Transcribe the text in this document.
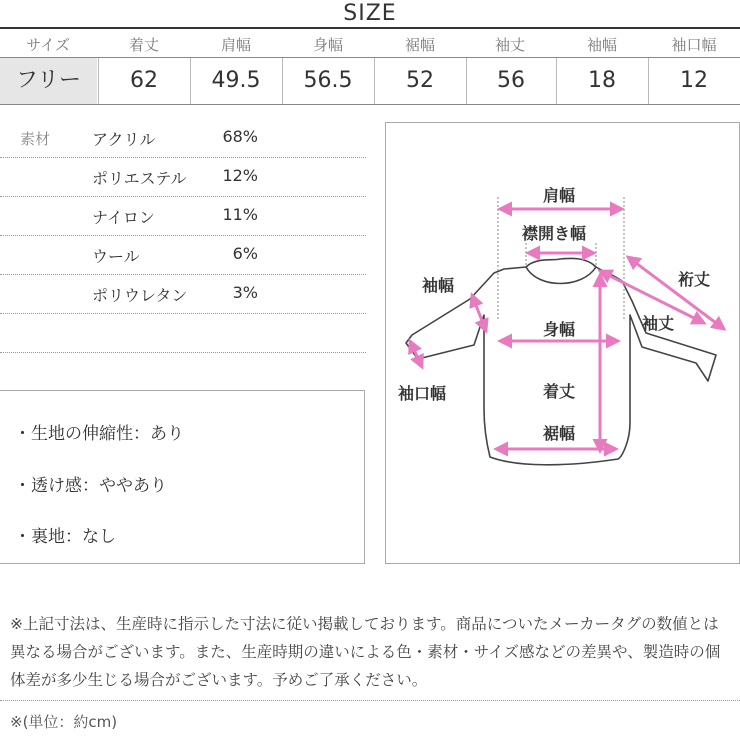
SIZE
サイズ	着丈	肩幅	身幅	裾幅	袖丈	袖幅	袖口幅
フリー	62	49.5	56.5	52	56	18	12
素材	アクリル	68%
ポリエステル	12%
ナイロン	11%
ウール	6%
ポリウレタン	3%
・生地の伸縮性：あり
・透け感：ややあり
・裏地：なし
肩幅
襟開き幅
袖幅	裄丈
袖丈
身幅
袖口幅	着丈
裾幅
※上記寸法は、生産時に指示した寸法に従い掲載しております。商品についたメーカータグの数値とは異なる場合がございます。また、生産時期の違いによる色・素材・サイズ感などの差異や、製造時の個体差が多少生じる場合がございます。予めご了承ください。
※(単位：約cm)
